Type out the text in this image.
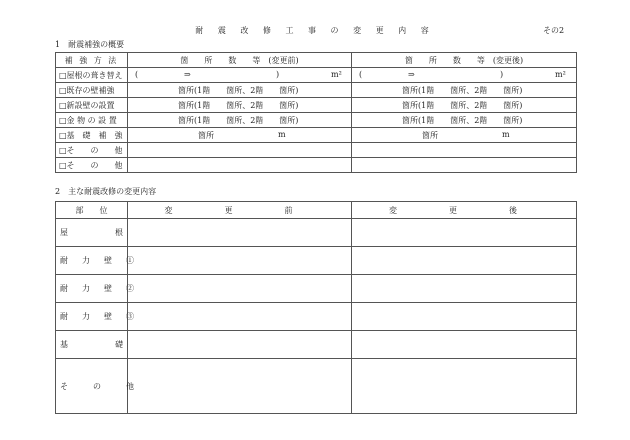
耐 震 改 修 工 事 の 変 更 内 容	その2
1　耐震補強の概要
補 強 方 法	箇　　所　　数　　等　(変更前)	箇　　所　　数　　等　(変更後)
□屋根の葺き替え	( ⇒ ) m²	( ⇒ ) m²

□既存の壁補強	箇所(1階　　箇所、2階　　箇所)	箇所(1階　　箇所、2階　　箇所)

□新設壁の設置	箇所(1階　　箇所、2階　　箇所)	箇所(1階　　箇所、2階　　箇所)

□金 物 の 設 置	箇所(1階　　箇所、2階　　箇所)	箇所(1階　　箇所、2階　　箇所)

□基　礎　補　強	箇所 m	箇所 m

□そ　　の　　他		
□そ　　の　　他		
2　主な耐震改修の変更内容
部　　位	変　更　前	変　更　後
屋　　　　根		
耐　力　壁　①		
耐　力　壁　②		
耐　力　壁　③		
基　　　　礎		
そ　　の　　他		
